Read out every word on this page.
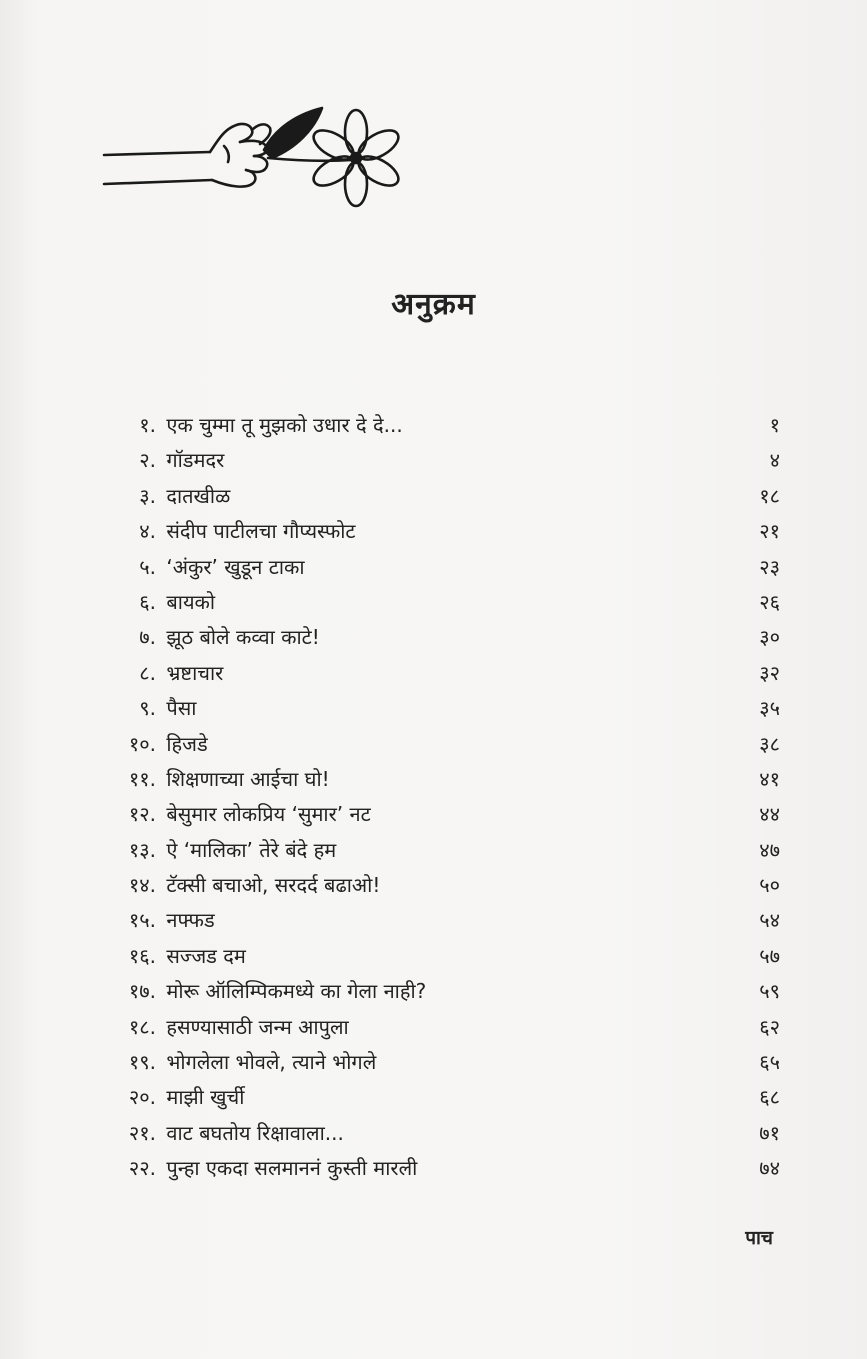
अनुक्रम
१. एक चुम्मा तू मुझको उधार दे दे...	१
२. गॉडमदर	४
३. दातखीळ	१८
४. संदीप पाटीलचा गौप्यस्फोट	२१
५. ‘अंकुर’ खुडून टाका	२३
६. बायको	२६
७. झूठ बोले कव्वा काटे!	३०
८. भ्रष्टाचार	३२
९. पैसा	३५
१०. हिजडे	३८
११. शिक्षणाच्या आईचा घो!	४१
१२. बेसुमार लोकप्रिय ‘सुमार’ नट	४४
१३. ऐ ‘मालिका’ तेरे बंदे हम	४७
१४. टॅक्सी बचाओ, सरदर्द बढाओ!	५०
१५. नफ्फड	५४
१६. सज्जड दम	५७
१७. मोरू ऑलिम्पिकमध्ये का गेला नाही?	५९
१८. हसण्यासाठी जन्म आपुला	६२
१९. भोगलेला भोवले, त्याने भोगले	६५
२०. माझी खुर्ची	६८
२१. वाट बघतोय रिक्षावाला...	७१
२२. पुन्हा एकदा सलमाननं कुस्ती मारली	७४
पाच
